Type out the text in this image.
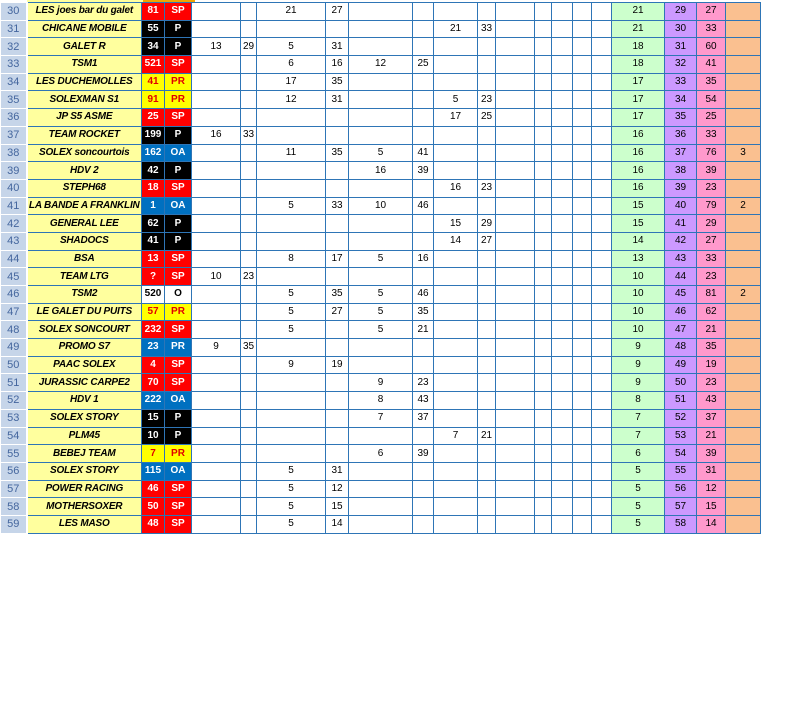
30	LES joes bar du galet	81	SP			21	27										21	29	27	
31	CHICANE MOBILE	55	P							21	33						21	30	33	
32	GALET R	34	P	13	29	5	31										18	31	60	
33	TSM1	521	SP			6	16	12	25								18	32	41	
34	LES DUCHEMOLLES	41	PR			17	35										17	33	35	
35	SOLEXMAN S1	91	PR			12	31			5	23						17	34	54	
36	JP S5 ASME	25	SP							17	25						17	35	25	
37	TEAM ROCKET	199	P	16	33												16	36	33	
38	SOLEX soncourtois	162	OA			11	35	5	41								16	37	76	3
39	HDV 2	42	P					16	39								16	38	39	
40	STEPH68	18	SP							16	23						16	39	23	
41	LA BANDE A FRANKLIN	1	OA			5	33	10	46								15	40	79	2
42	GENERAL LEE	62	P							15	29						15	41	29	
43	SHADOCS	41	P							14	27						14	42	27	
44	BSA	13	SP			8	17	5	16								13	43	33	
45	TEAM LTG	?	SP	10	23												10	44	23	
46	TSM2	520	O			5	35	5	46								10	45	81	2
47	LE GALET DU PUITS	57	PR			5	27	5	35								10	46	62	
48	SOLEX SONCOURT	232	SP			5		5	21								10	47	21	
49	PROMO S7	23	PR	9	35												9	48	35	
50	PAAC SOLEX	4	SP			9	19										9	49	19	
51	JURASSIC CARPE2	70	SP					9	23								9	50	23	
52	HDV 1	222	OA					8	43								8	51	43	
53	SOLEX STORY	15	P					7	37								7	52	37	
54	PLM45	10	P							7	21						7	53	21	
55	BEBEJ TEAM	7	PR					6	39								6	54	39	
56	SOLEX STORY	115	OA			5	31										5	55	31	
57	POWER RACING	46	SP			5	12										5	56	12	
58	MOTHERSOXER	50	SP			5	15										5	57	15	
59	LES MASO	48	SP			5	14										5	58	14	
